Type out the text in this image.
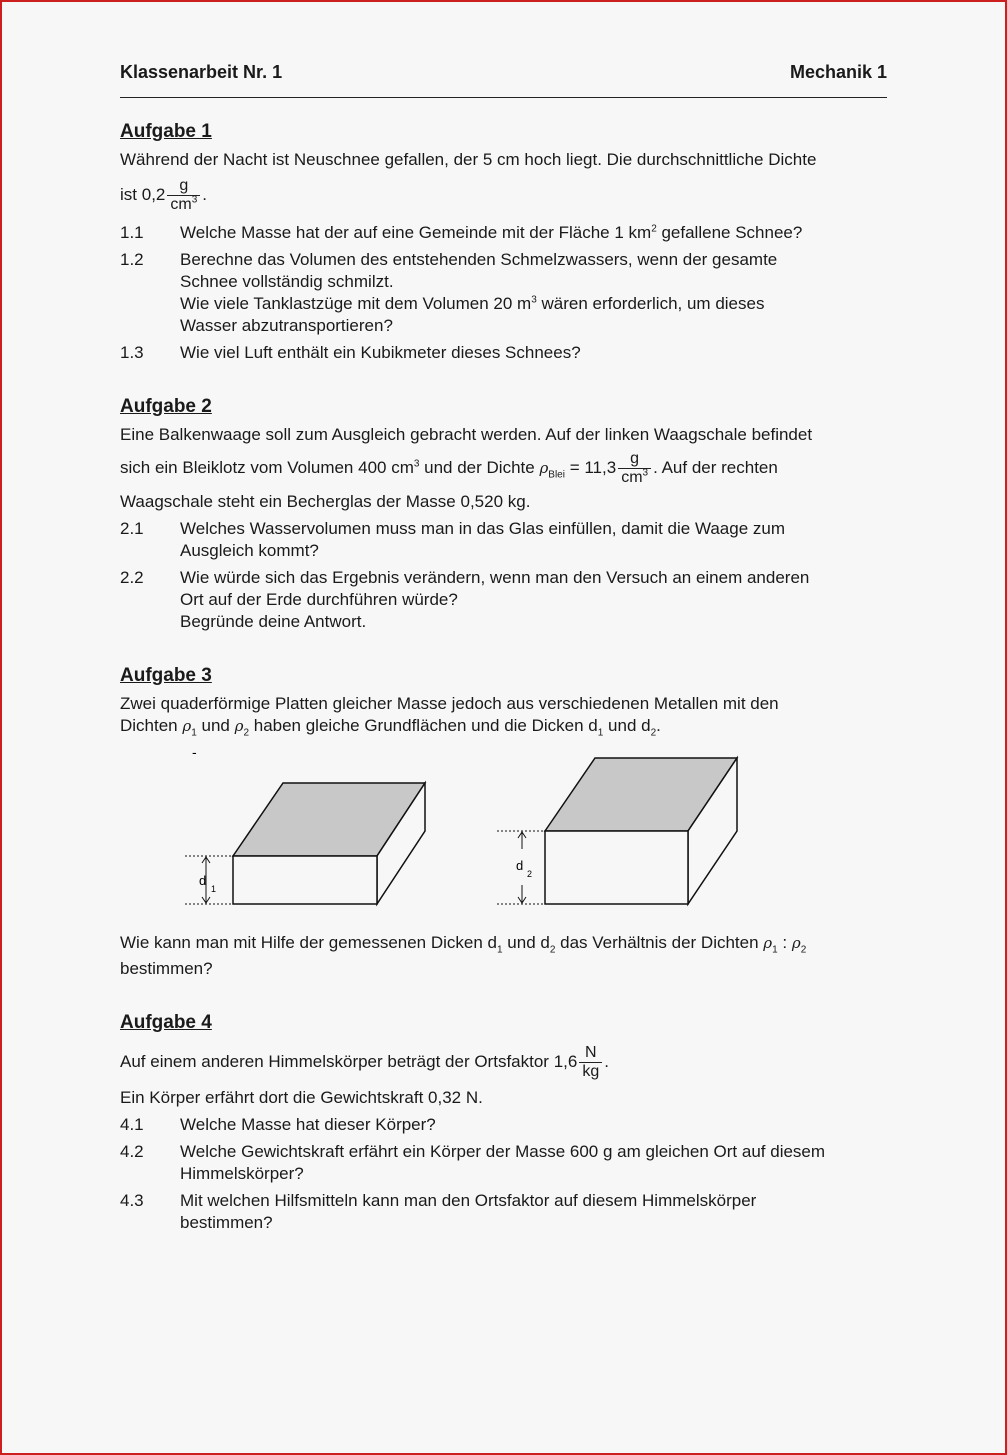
Klassenarbeit Nr. 1	Mechanik 1
Aufgabe 1

Während der Nacht ist Neuschnee gefallen, der 5 cm hoch liegt. Die durchschnittliche Dichte

ist $0,2 \frac{g}{cm^3}$ .

1.1	Welche Masse hat der auf eine Gemeinde mit der Fläche 1 $km^2$ gefallene Schnee?
1.2	Berechne das Volumen des entstehenden Schmelzwassers, wenn der gesamte
Schnee vollständig schmilzt.
Wie viele Tanklastzüge mit dem Volumen 20 $m^3$ wären erforderlich, um dieses
Wasser abzutransportieren?
1.3	Wie viel Luft enthält ein Kubikmeter dieses Schnees?
Aufgabe 2

Eine Balkenwaage soll zum Ausgleich gebracht werden. Auf der linken Waagschale befindet

sich ein Bleiklotz vom Volumen 400 $cm^3$ und der Dichte $\rho_{Blei} = 11,3 \frac{g}{cm^3}$ . Auf der rechten

Waagschale steht ein Becherglas der Masse 0,520 kg.

2.1	Welches Wasservolumen muss man in das Glas einfüllen, damit die Waage zum
Ausgleich kommt?
2.2	Wie würde sich das Ergebnis verändern, wenn man den Versuch an einem anderen
Ort auf der Erde durchführen würde?
Begründe deine Antwort.
Aufgabe 3

Zwei quaderförmige Platten gleicher Masse jedoch aus verschiedenen Metallen mit den

Dichten $\rho_1$ und $\rho_2$ haben gleiche Grundflächen und die Dicken $d_1$ und $d_2$.

-
d
1
d
2

Wie kann man mit Hilfe der gemessenen Dicken $d_1$ und $d_2$ das Verhältnis der Dichten $\rho_1$ : $\rho_2$

bestimmen?

Aufgabe 4

Auf einem anderen Himmelskörper beträgt der Ortsfaktor $1,6 \frac{N}{kg}$ .

Ein Körper erfährt dort die Gewichtskraft 0,32 N.

4.1	Welche Masse hat dieser Körper?
4.2	Welche Gewichtskraft erfährt ein Körper der Masse 600 g am gleichen Ort auf diesem
Himmelskörper?
4.3	Mit welchen Hilfsmitteln kann man den Ortsfaktor auf diesem Himmelskörper
bestimmen?
